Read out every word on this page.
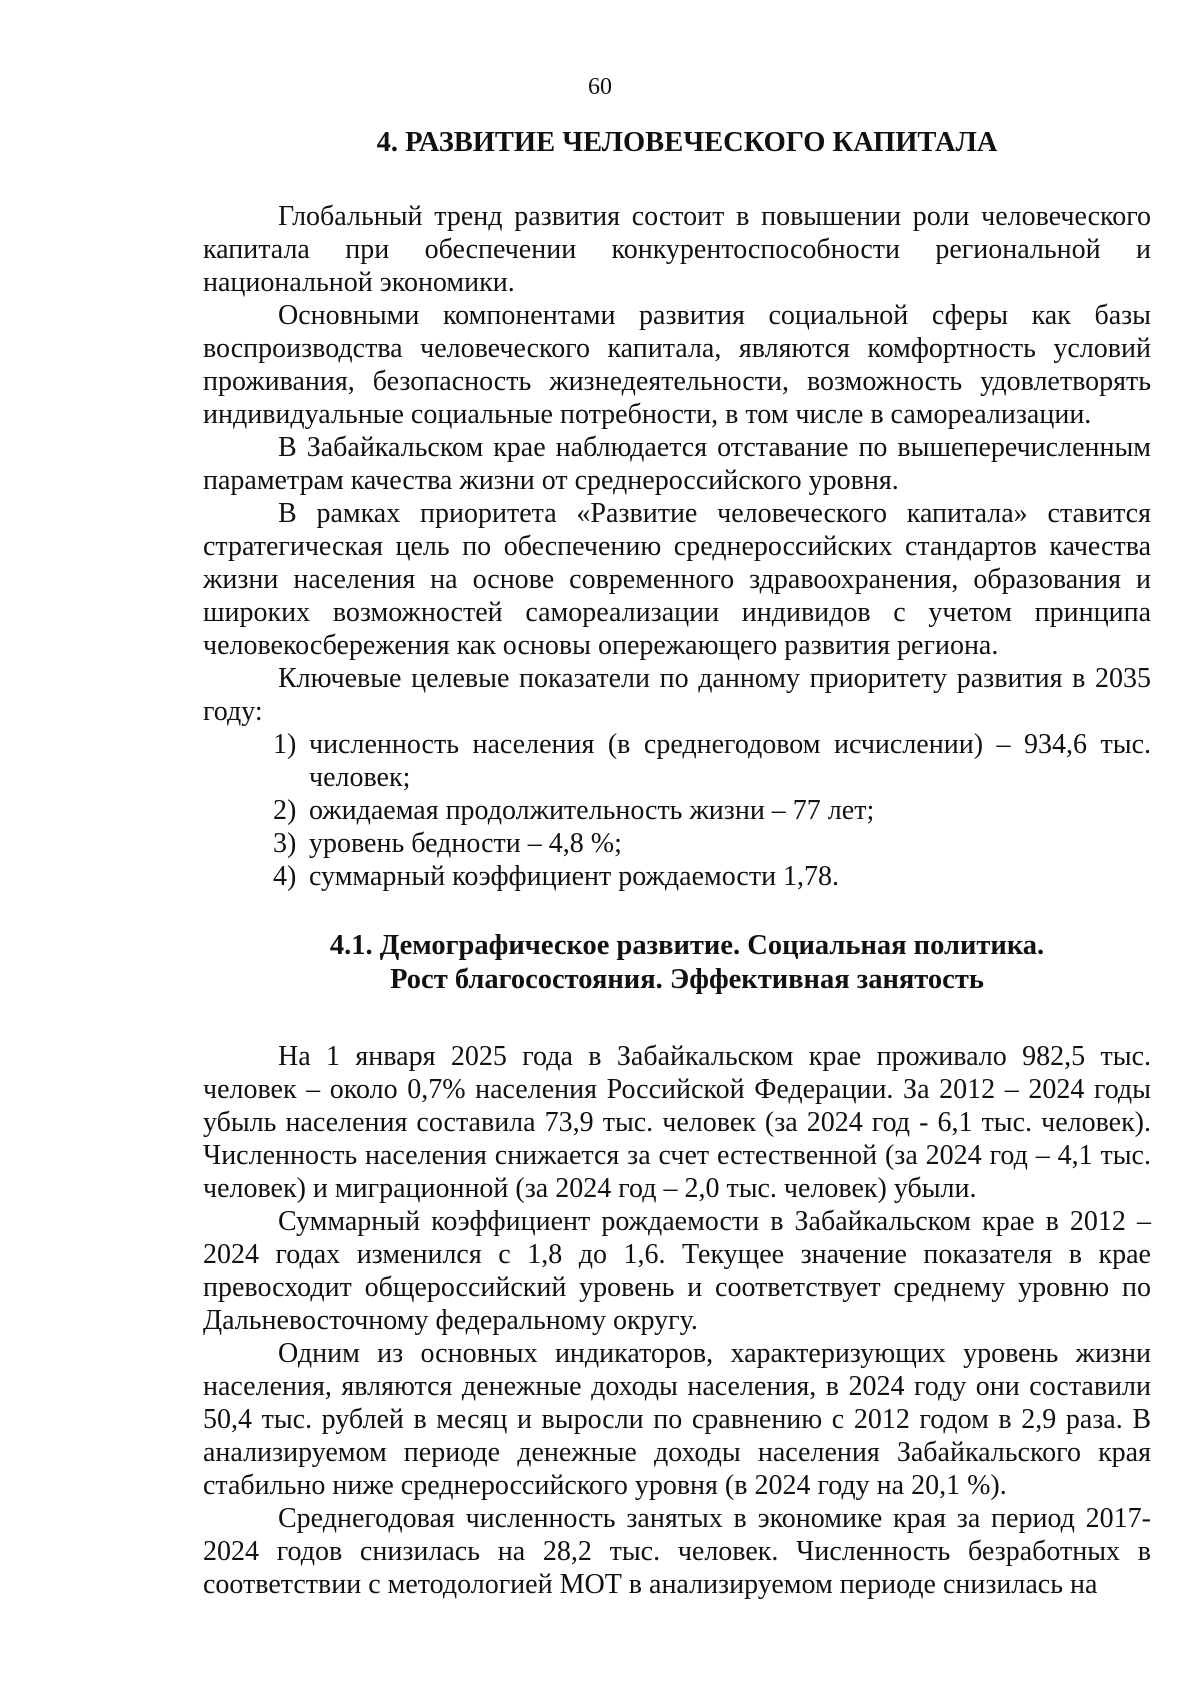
60
4. РАЗВИТИЕ ЧЕЛОВЕЧЕСКОГО КАПИТАЛА

Глобальный тренд развития состоит в повышении роли человеческого капитала при обеспечении конкурентоспособности региональной и национальной экономики.

Основными компонентами развития социальной сферы как базы воспроизводства человеческого капитала, являются комфортность условий проживания, безопасность жизнедеятельности, возможность удовлетворять индивидуальные социальные потребности, в том числе в самореализации.

В Забайкальском крае наблюдается отставание по вышеперечисленным параметрам качества жизни от среднероссийского уровня.

В рамках приоритета «Развитие человеческого капитала» ставится стратегическая цель по обеспечению среднероссийских стандартов качества жизни населения на основе современного здравоохранения, образования и широких возможностей самореализации индивидов с учетом принципа человекосбережения как основы опережающего развития региона.

Ключевые целевые показатели по данному приоритету развития в 2035 году:

1) численность населения (в среднегодовом исчислении) – 934,6 тыс. человек;
2) ожидаемая продолжительность жизни – 77 лет;
3) уровень бедности – 4,8 %;
4) суммарный коэффициент рождаемости 1,78.
4.1. Демографическое развитие. Социальная политика.
Рост благосостояния. Эффективная занятость

На 1 января 2025 года в Забайкальском крае проживало 982,5 тыс. человек – около 0,7% населения Российской Федерации. За 2012 – 2024 годы убыль населения составила 73,9 тыс. человек (за 2024 год - 6,1 тыс. человек). Численность населения снижается за счет естественной (за 2024 год – 4,1 тыс. человек) и миграционной (за 2024 год – 2,0 тыс. человек) убыли.

Суммарный коэффициент рождаемости в Забайкальском крае в 2012 – 2024 годах изменился с 1,8 до 1,6. Текущее значение показателя в крае превосходит общероссийский уровень и соответствует среднему уровню по Дальневосточному федеральному округу.

Одним из основных индикаторов, характеризующих уровень жизни населения, являются денежные доходы населения, в 2024 году они составили 50,4 тыс. рублей в месяц и выросли по сравнению с 2012 годом в 2,9 раза. В анализируемом периоде денежные доходы населения Забайкальского края стабильно ниже среднероссийского уровня (в 2024 году на 20,1 %).

Среднегодовая численность занятых в экономике края за период 2017-2024 годов снизилась на 28,2 тыс. человек. Численность безработных в соответствии с методологией МОТ в анализируемом периоде снизилась на
